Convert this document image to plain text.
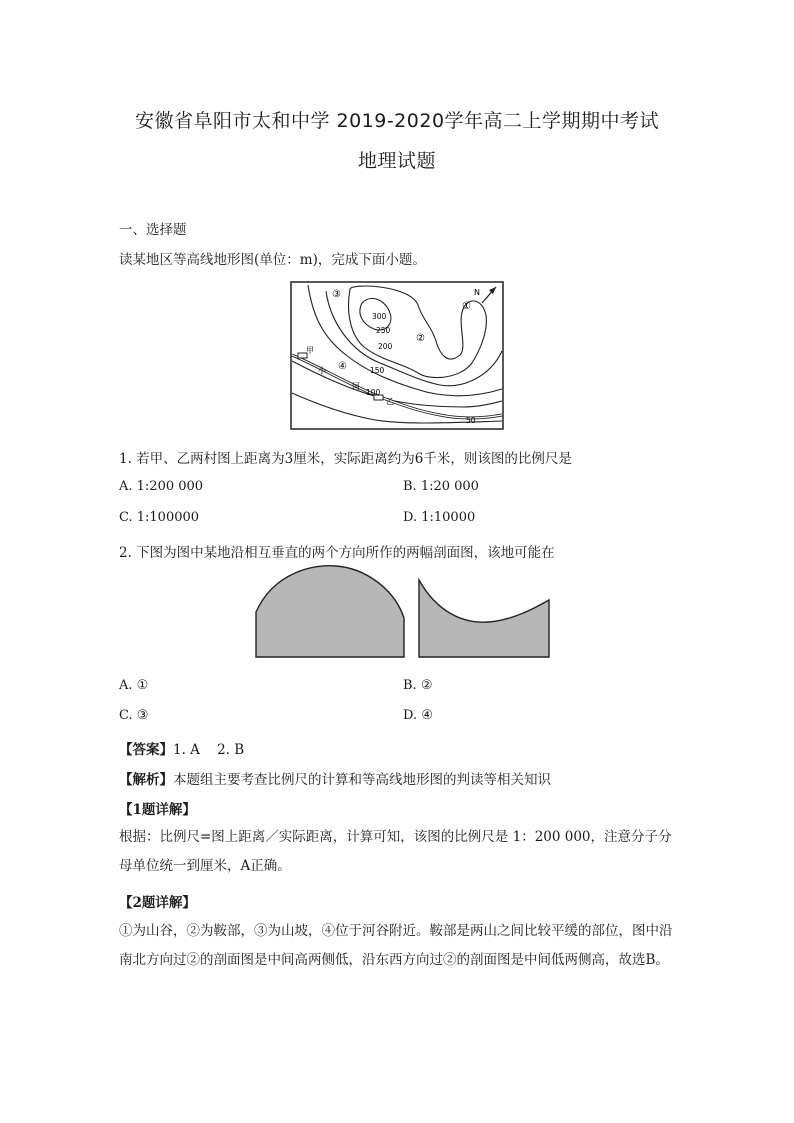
安徽省阜阳市太和中学 2019-2020学年高二上学期期中考试
地理试题
一、选择题
读某地区等高线地形图(单位：m)，完成下面小题。
N
300
250
200
150
100
50
③
①
②
④
甲
乙
小
河
1. 若甲、乙两村图上距离为3厘米，实际距离约为6千米，则该图的比例尺是
A. 1:200 000	B. 1:20 000
C. 1:100000	D. 1:10000
2. 下图为图中某地沿相互垂直的两个方向所作的两幅剖面图，该地可能在
A. ①	B. ②
C. ③	D. ④
【答案】1. A    2. B
【解析】本题组主要考查比例尺的计算和等高线地形图的判读等相关知识
【1题详解】
根据：比例尺=图上距离／实际距离，计算可知，该图的比例尺是 1：200 000，注意分子分母单位统一到厘米，A正确。
【2题详解】
①为山谷，②为鞍部，③为山坡，④位于河谷附近。鞍部是两山之间比较平缓的部位，图中沿南北方向过②的剖面图是中间高两侧低，沿东西方向过②的剖面图是中间低两侧高，故选B。
